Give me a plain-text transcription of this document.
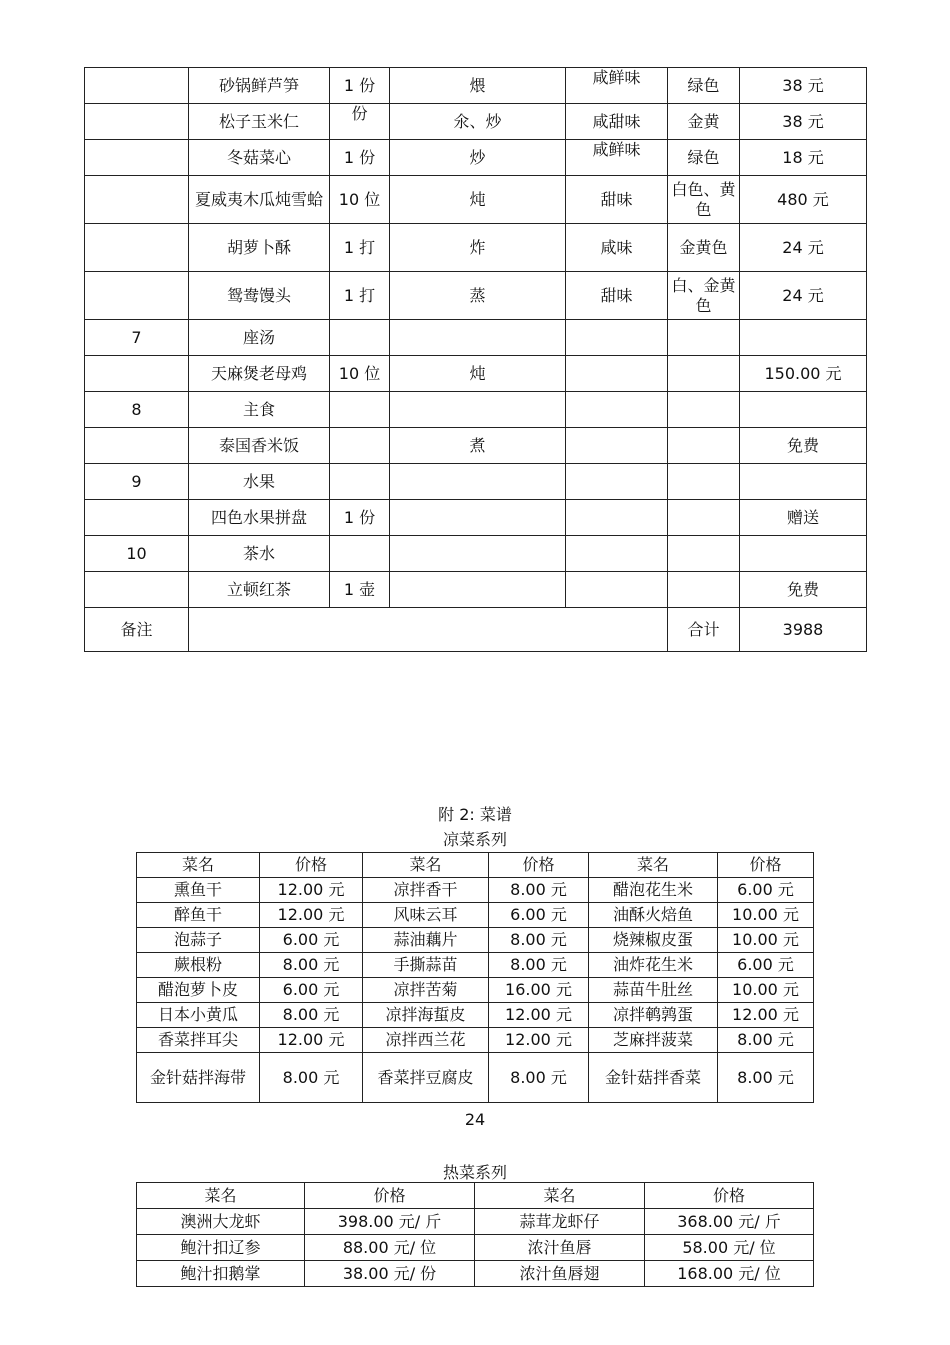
	砂锅鲜芦笋	1 份	煨	咸鲜味	绿色	38 元
	松子玉米仁	份	氽、炒	咸甜味	金黄	38 元
	冬菇菜心	1 份	炒	咸鲜味	绿色	18 元
	夏威夷木瓜炖雪蛤	10 位	炖	甜味	白色、黄色	480 元
	胡萝卜酥	1 打	炸	咸味	金黄色	24 元
	鸳鸯馒头	1 打	蒸	甜味	白、金黄色	24 元
7	座汤					
	天麻煲老母鸡	10 位	炖			150.00 元
8	主食					
	泰国香米饭		煮			免费
9	水果					
	四色水果拼盘	1 份				赠送
10	茶水					
	立顿红茶	1 壶				免费
备注					合计	3988
附 2: 菜谱
凉菜系列
菜名	价格	菜名	价格	菜名	价格
熏鱼干	12.00 元	凉拌香干	8.00 元	醋泡花生米	6.00 元
醉鱼干	12.00 元	风味云耳	6.00 元	油酥火焙鱼	10.00 元
泡蒜子	6.00 元	蒜油藕片	8.00 元	烧辣椒皮蛋	10.00 元
蕨根粉	8.00 元	手撕蒜苗	8.00 元	油炸花生米	6.00 元
醋泡萝卜皮	6.00 元	凉拌苦菊	16.00 元	蒜苗牛肚丝	10.00 元
日本小黄瓜	8.00 元	凉拌海蜇皮	12.00 元	凉拌鹌鹑蛋	12.00 元
香菜拌耳尖	12.00 元	凉拌西兰花	12.00 元	芝麻拌菠菜	8.00 元
金针菇拌海带	8.00 元	香菜拌豆腐皮	8.00 元	金针菇拌香菜	8.00 元
24
热菜系列
菜名	价格	菜名	价格
澳洲大龙虾	398.00 元/ 斤	蒜茸龙虾仔	368.00 元/ 斤
鲍汁扣辽参	88.00 元/ 位	浓汁鱼唇	58.00 元/ 位
鲍汁扣鹅掌	38.00 元/ 份	浓汁鱼唇翅	168.00 元/ 位
